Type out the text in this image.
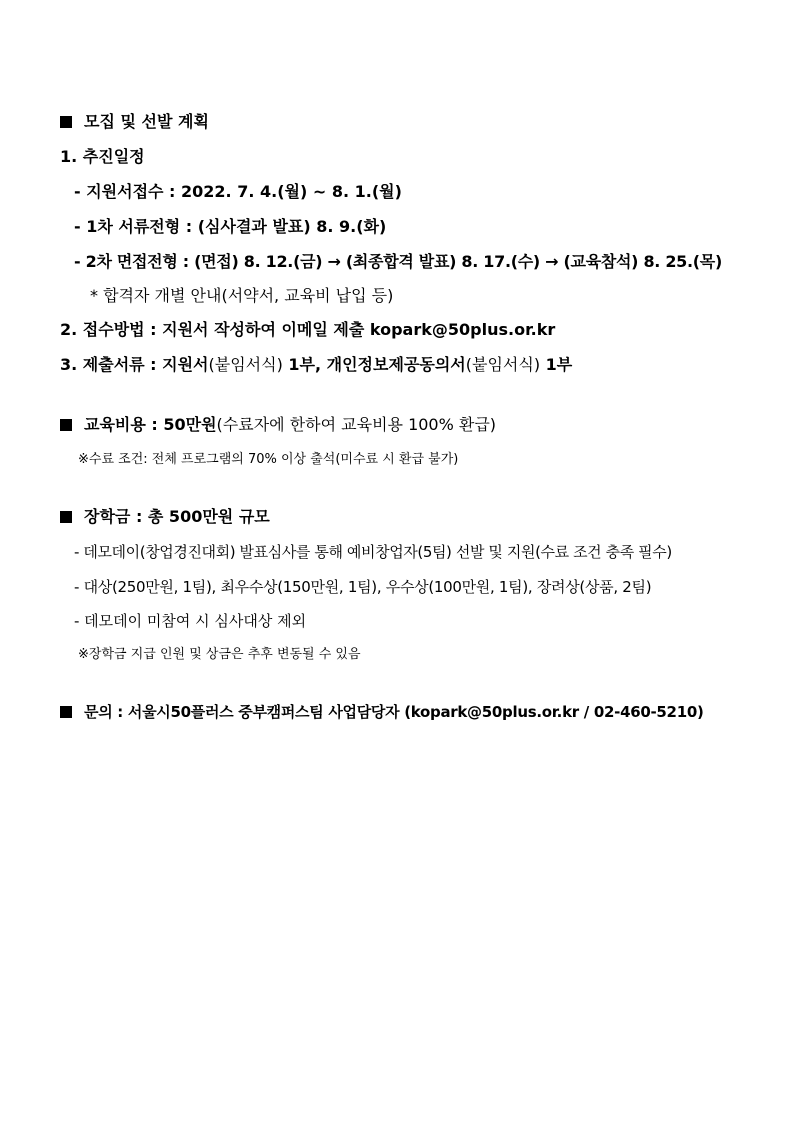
모집 및 선발 계획
1. 추진일정
- 지원서접수 : 2022. 7. 4.(월) ~ 8. 1.(월)
- 1차 서류전형 : (심사결과 발표) 8. 9.(화)
- 2차 면접전형 : (면접) 8. 12.(금) → (최종합격 발표) 8. 17.(수) → (교육참석) 8. 25.(목)
* 합격자 개별 안내(서약서, 교육비 납입 등)
2. 접수방법 : 지원서 작성하여 이메일 제출 kopark@50plus.or.kr
3. 제출서류 : 지원서(붙임서식) 1부, 개인정보제공동의서(붙임서식) 1부
교육비용 : 50만원(수료자에 한하여 교육비용 100% 환급)
※수료 조건: 전체 프로그램의 70% 이상 출석(미수료 시 환급 불가)
장학금 : 총 500만원 규모
- 데모데이(창업경진대회) 발표심사를 통해 예비창업자(5팀) 선발 및 지원(수료 조건 충족 필수)
- 대상(250만원, 1팀), 최우수상(150만원, 1팀), 우수상(100만원, 1팀), 장려상(상품, 2팀)
- 데모데이 미참여 시 심사대상 제외
※장학금 지급 인원 및 상금은 추후 변동될 수 있음
문의 : 서울시50플러스 중부캠퍼스팀 사업담당자 (kopark@50plus.or.kr / 02-460-5210)
